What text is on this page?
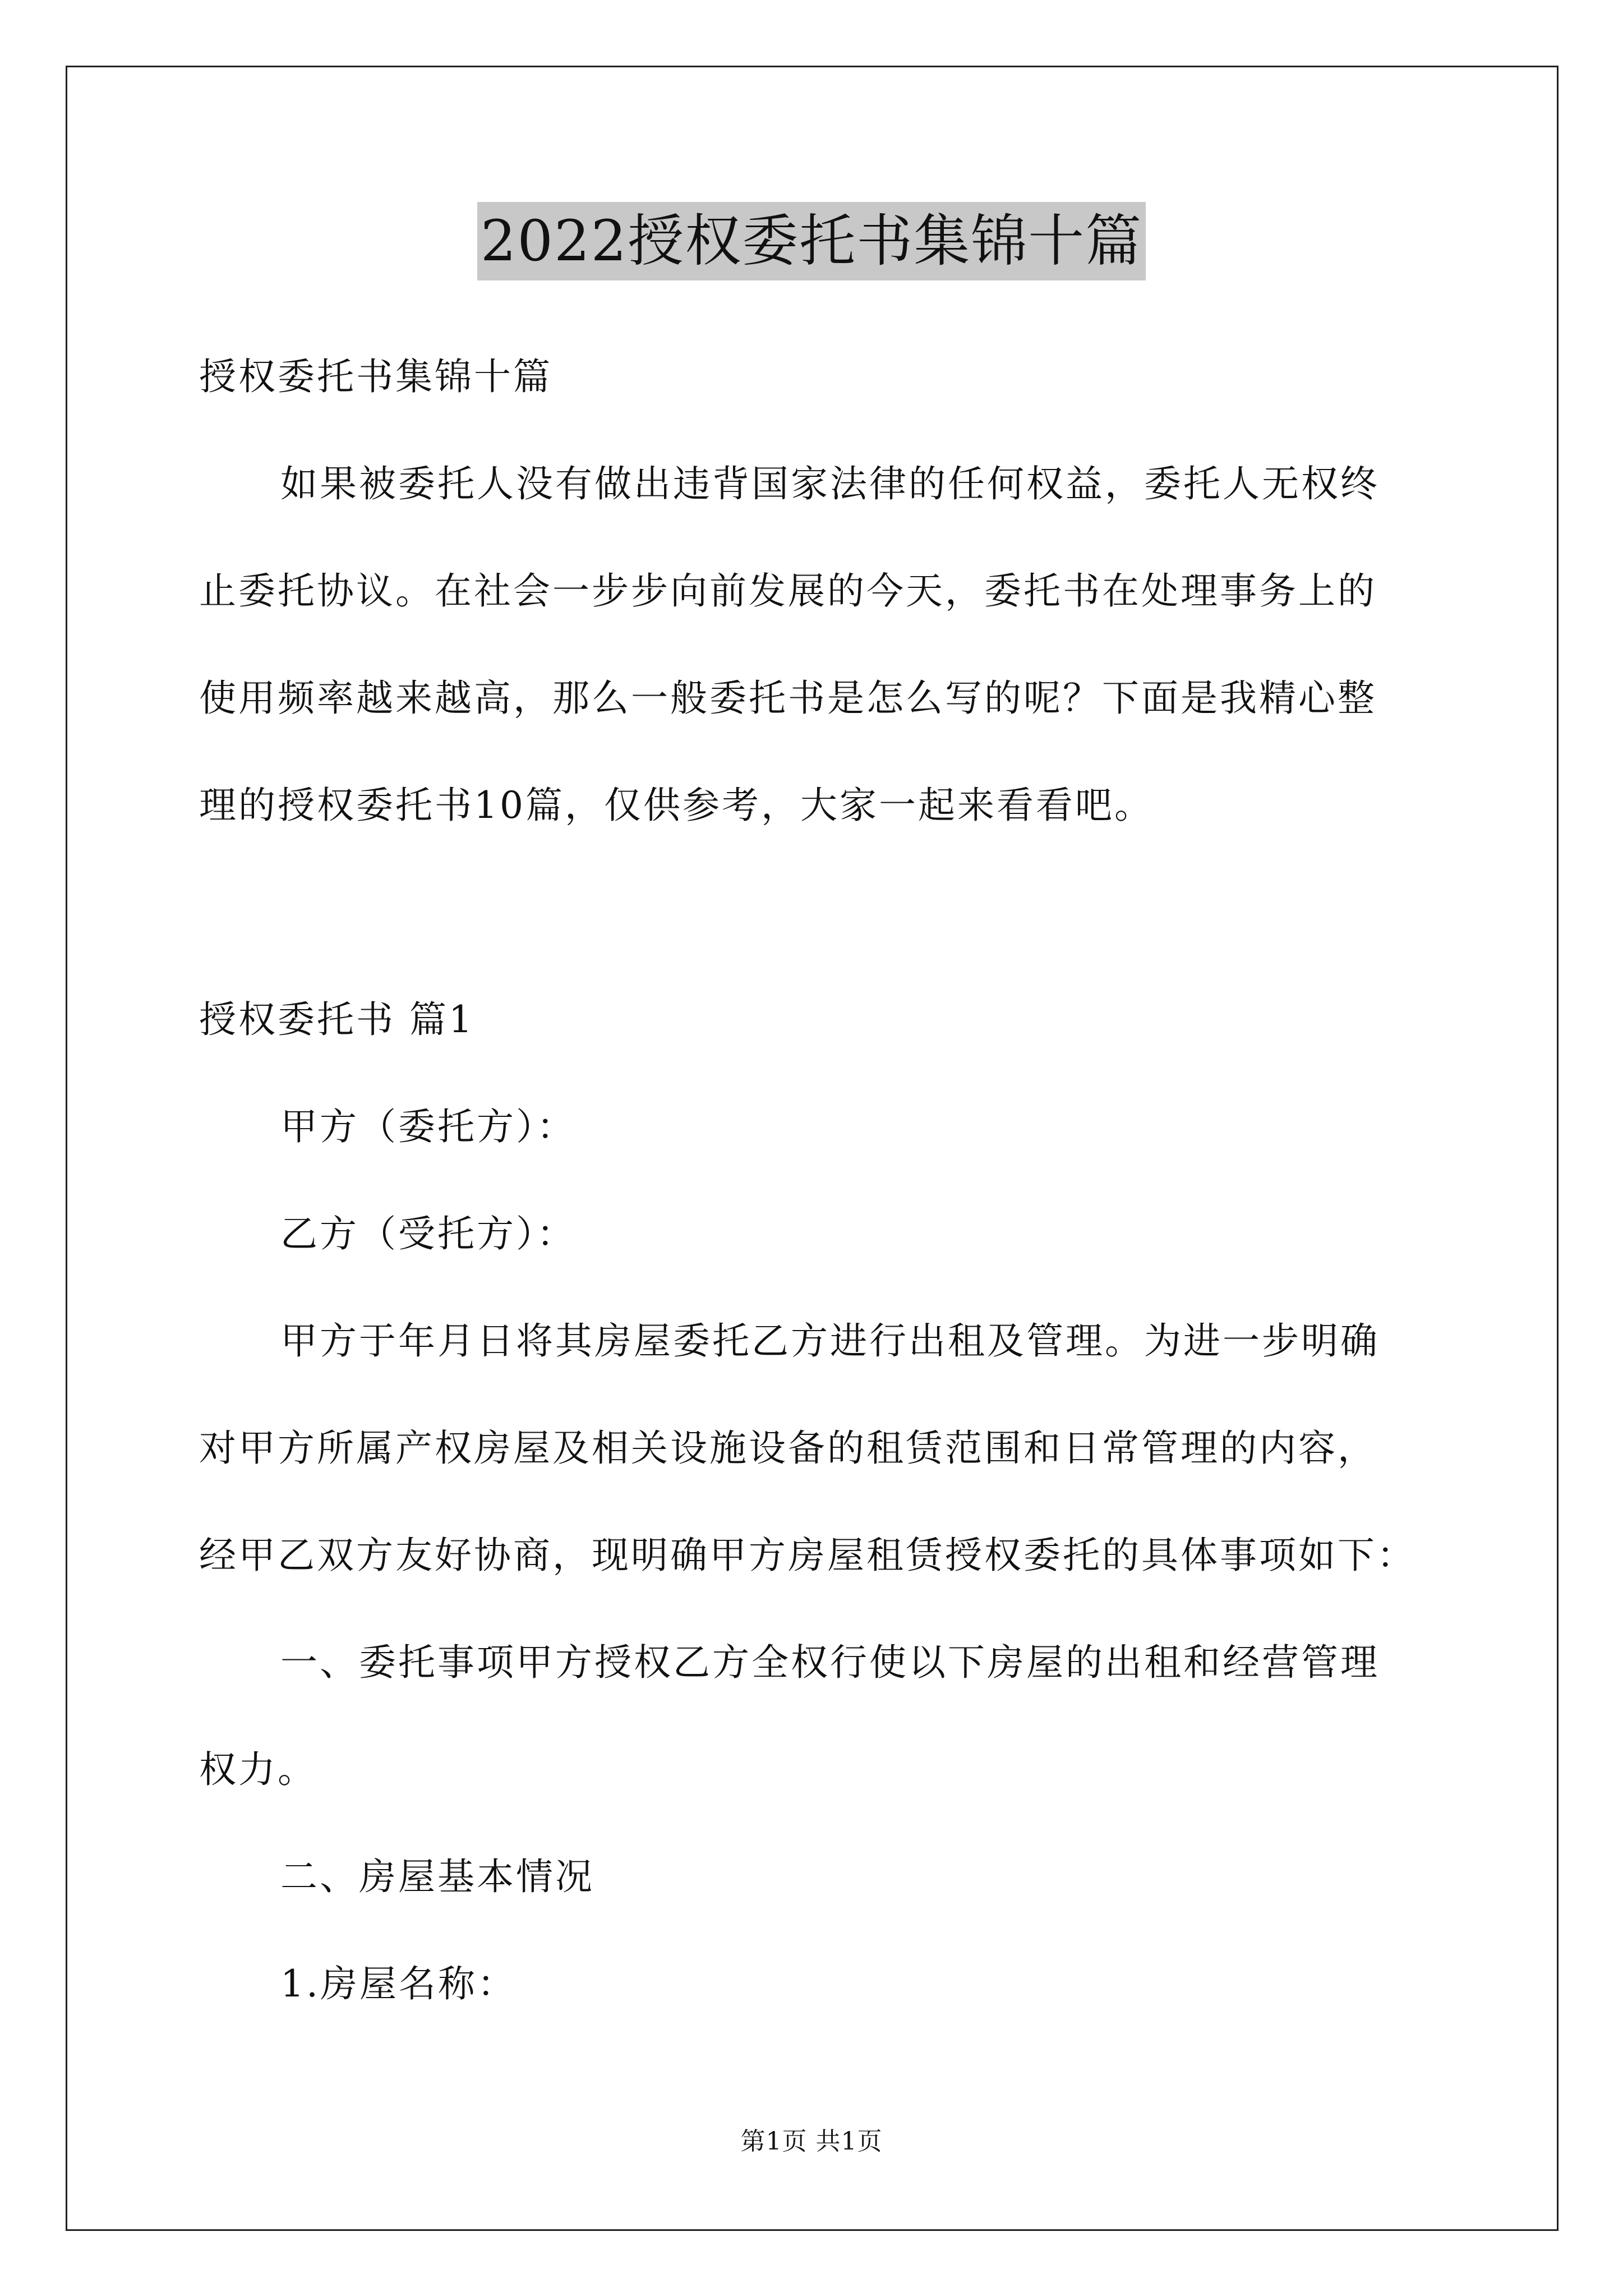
2022授权委托书集锦十篇
授权委托书集锦十篇
如果被委托人没有做出违背国家法律的任何权益，委托人无权终
止委托协议。在社会一步步向前发展的今天，委托书在处理事务上的
使用频率越来越高，那么一般委托书是怎么写的呢？下面是我精心整
理的授权委托书10篇，仅供参考，大家一起来看看吧。
授权委托书 篇1
甲方（委托方）：
乙方（受托方）：
甲方于年月日将其房屋委托乙方进行出租及管理。为进一步明确
对甲方所属产权房屋及相关设施设备的租赁范围和日常管理的内容，
经甲乙双方友好协商，现明确甲方房屋租赁授权委托的具体事项如下：
一、委托事项甲方授权乙方全权行使以下房屋的出租和经营管理
权力。
二、房屋基本情况
1.房屋名称：
第1页 共1页
